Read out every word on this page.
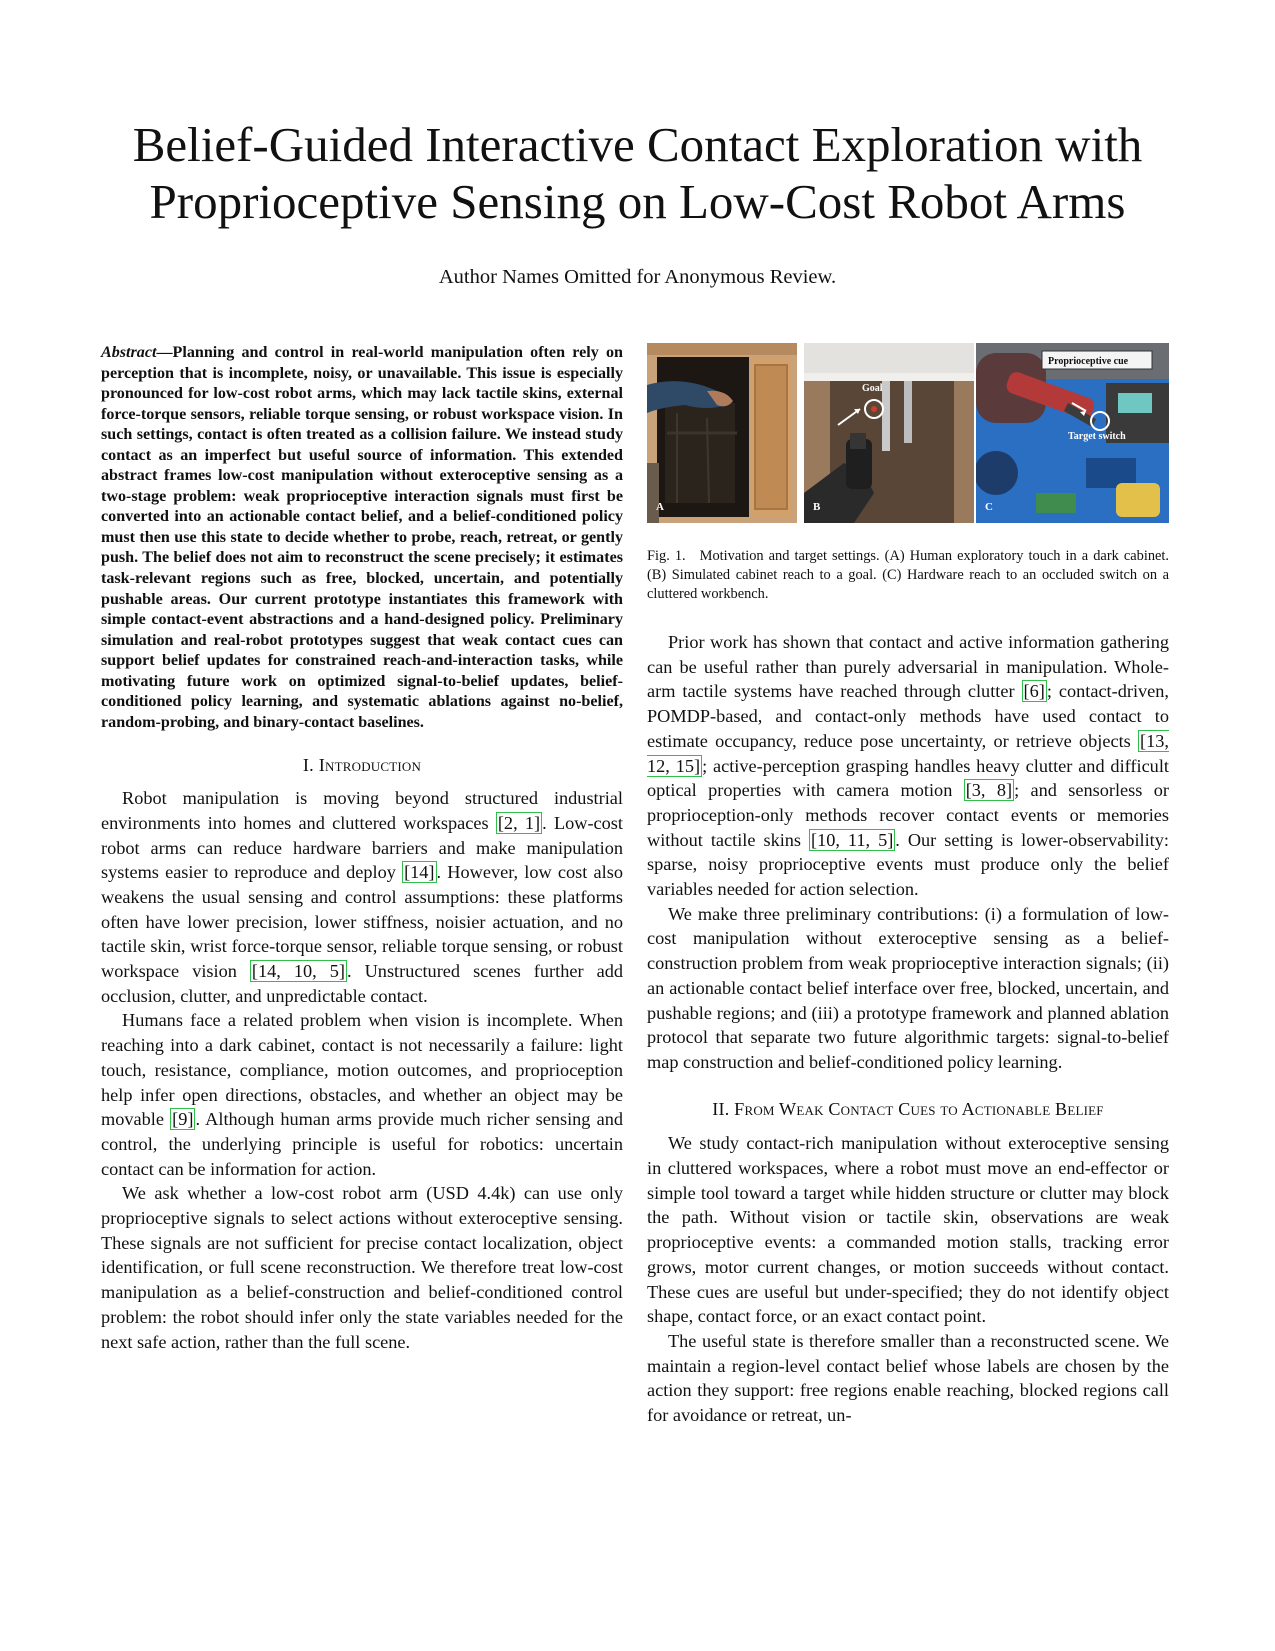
Belief-Guided Interactive Contact Exploration with
Proprioceptive Sensing on Low-Cost Robot Arms
Author Names Omitted for Anonymous Review.

Abstract—Planning and control in real-world manipulation often rely on perception that is incomplete, noisy, or unavailable. This issue is especially pronounced for low-cost robot arms, which may lack tactile skins, external force-torque sensors, reliable torque sensing, or robust workspace vision. In such settings, contact is often treated as a collision failure. We instead study contact as an imperfect but useful source of information. This extended abstract frames low-cost manipulation without exteroceptive sensing as a two-stage problem: weak proprioceptive interaction signals must first be converted into an actionable contact belief, and a belief-conditioned policy must then use this state to decide whether to probe, reach, retreat, or gently push. The belief does not aim to reconstruct the scene precisely; it estimates task-relevant regions such as free, blocked, uncertain, and potentially pushable areas. Our current prototype instantiates this framework with simple contact-event abstractions and a hand-designed policy. Preliminary simulation and real-robot prototypes suggest that weak contact cues can support belief updates for constrained reach-and-interaction tasks, while motivating future work on optimized signal-to-belief updates, belief-conditioned policy learning, and systematic ablations against no-belief, random-probing, and binary-contact baselines.

I. Introduction

Robot manipulation is moving beyond structured industrial environments into homes and cluttered workspaces [2, 1] . Low-cost robot arms can reduce hardware barriers and make manipulation systems easier to reproduce and deploy [14] . However, low cost also weakens the usual sensing and control assumptions: these platforms often have lower precision, lower stiffness, noisier actuation, and no tactile skin, wrist force-torque sensor, reliable torque sensing, or robust workspace vision [14, 10, 5] . Unstructured scenes further add occlusion, clutter, and unpredictable contact.

Humans face a related problem when vision is incomplete. When reaching into a dark cabinet, contact is not necessarily a failure: light touch, resistance, compliance, motion outcomes, and proprioception help infer open directions, obstacles, and whether an object may be movable [9] . Although human arms provide much richer sensing and control, the underlying principle is useful for robotics: uncertain contact can be information for action.

We ask whether a low-cost robot arm (USD 4.4k) can use only proprioceptive signals to select actions without exteroceptive sensing. These signals are not sufficient for precise contact localization, object identification, or full scene reconstruction. We therefore treat low-cost manipulation as a belief-construction and belief-conditioned control problem: the robot should infer only the state variables needed for the next safe action, rather than the full scene.

A
Goal
B
Proprioceptive cue
Target switch
C

Fig. 1. Motivation and target settings. (A) Human exploratory touch in a dark cabinet. (B) Simulated cabinet reach to a goal. (C) Hardware reach to an occluded switch on a cluttered workbench.

Prior work has shown that contact and active information gathering can be useful rather than purely adversarial in manipulation. Whole-arm tactile systems have reached through clutter [6] ; contact-driven, POMDP-based, and contact-only methods have used contact to estimate occupancy, reduce pose uncertainty, or retrieve objects [13, 12, 15] ; active-perception grasping handles heavy clutter and difficult optical properties with camera motion [3, 8] ; and sensorless or proprioception-only methods recover contact events or memories without tactile skins [10, 11, 5] . Our setting is lower-observability: sparse, noisy proprioceptive events must produce only the belief variables needed for action selection.

We make three preliminary contributions: (i) a formulation of low-cost manipulation without exteroceptive sensing as a belief-construction problem from weak proprioceptive interaction signals; (ii) an actionable contact belief interface over free, blocked, uncertain, and pushable regions; and (iii) a prototype framework and planned ablation protocol that separate two future algorithmic targets: signal-to-belief map construction and belief-conditioned policy learning.

II. From Weak Contact Cues to Actionable Belief

We study contact-rich manipulation without exteroceptive sensing in cluttered workspaces, where a robot must move an end-effector or simple tool toward a target while hidden structure or clutter may block the path. Without vision or tactile skin, observations are weak proprioceptive events: a commanded motion stalls, tracking error grows, motor current changes, or motion succeeds without contact. These cues are useful but under-specified; they do not identify object shape, contact force, or an exact contact point.

The useful state is therefore smaller than a reconstructed scene. We maintain a region-level contact belief whose labels are chosen by the action they support: free regions enable reaching, blocked regions call for avoidance or retreat, un-
